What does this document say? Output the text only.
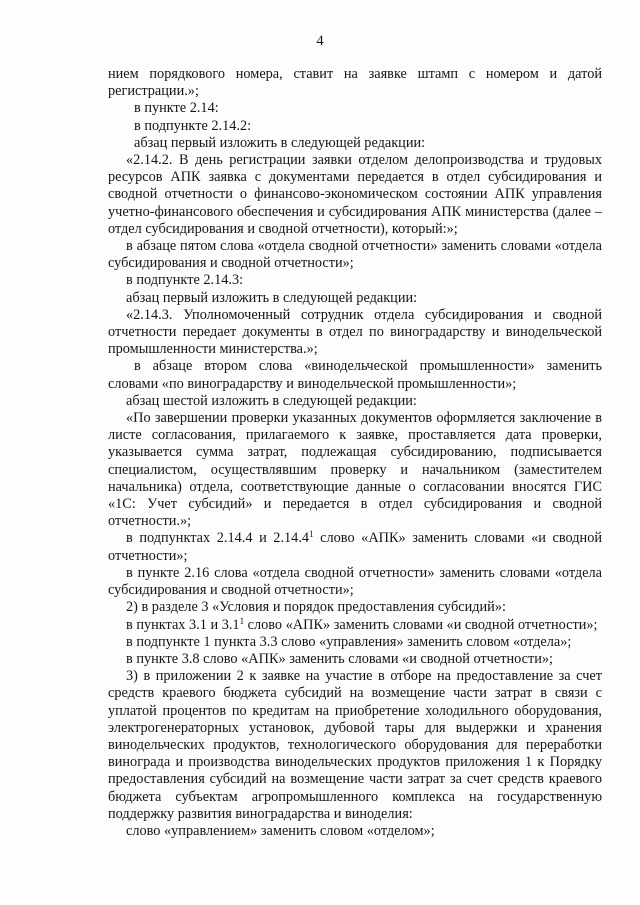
4

нием порядкового номера, ставит на заявке штамп с номером и датой регистрации.»;

в пункте 2.14:

в подпункте 2.14.2:

абзац первый изложить в следующей редакции:

«2.14.2. В день регистрации заявки отделом делопроизводства и трудовых ресурсов АПК заявка с документами передается в отдел субсидирования и сводной отчетности о финансово-экономическом состоянии АПК управления учетно-финансового обеспечения и субсидирования АПК министерства (далее – отдел субсидирования и сводной отчетности), который:»;

в абзаце пятом слова «отдела сводной отчетности» заменить словами «отдела субсидирования и сводной отчетности»;

в подпункте 2.14.3:

абзац первый изложить в следующей редакции:

«2.14.3. Уполномоченный сотрудник отдела субсидирования и сводной отчетности передает документы в отдел по виноградарству и винодельческой промышленности министерства.»;

в абзаце втором слова «винодельческой промышленности» заменить словами «по виноградарству и винодельческой промышленности»;

абзац шестой изложить в следующей редакции:

«По завершении проверки указанных документов оформляется заключение в листе согласования, прилагаемого к заявке, проставляется дата проверки, указывается сумма затрат, подлежащая субсидированию, подписывается специалистом, осуществлявшим проверку и начальником (заместителем начальника) отдела, соответствующие данные о согласовании вносятся ГИС «1С: Учет субсидий» и передается в отдел субсидирования и сводной отчетности.»;

в подпунктах 2.14.4 и 2.14.4$^1$ слово «АПК» заменить словами «и сводной отчетности»;

в пункте 2.16 слова «отдела сводной отчетности» заменить словами «отдела субсидирования и сводной отчетности»;

2) в разделе 3 «Условия и порядок предоставления субсидий»:

в пунктах 3.1 и $3.1^1$ слово «АПК» заменить словами «и сводной отчетности»;

в подпункте 1 пункта 3.3 слово «управления» заменить словом «отдела»;

в пункте 3.8 слово «АПК» заменить словами «и сводной отчетности»;

3) в приложении 2 к заявке на участие в отборе на предоставление за счет средств краевого бюджета субсидий на возмещение части затрат в связи с уплатой процентов по кредитам на приобретение холодильного оборудования, электрогенераторных установок, дубовой тары для выдержки и хранения винодельческих продуктов, технологического оборудования для переработки винограда и производства винодельческих продуктов приложения 1 к Порядку предоставления субсидий на возмещение части затрат за счет средств краевого бюджета субъектам агропромышленного комплекса на государственную поддержку развития виноградарства и виноделия:

слово «управлением» заменить словом «отделом»;
